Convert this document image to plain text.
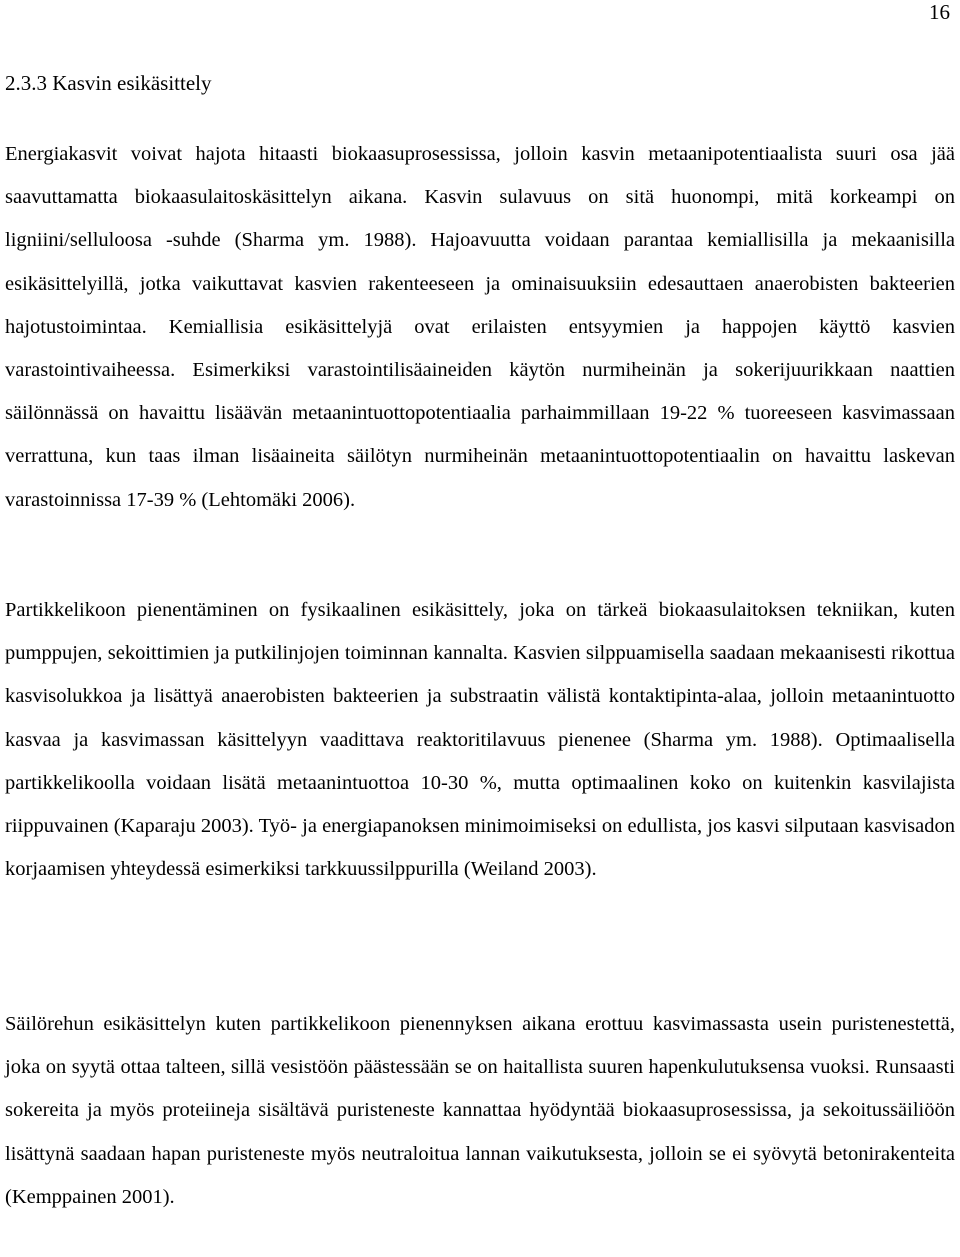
16
2.3.3 Kasvin esikäsittely

Energiakasvit voivat hajota hitaasti biokaasuprosessissa, jolloin kasvin metaanipotentiaalista suuri osa jää saavuttamatta biokaasulaitoskäsittelyn aikana. Kasvin sulavuus on sitä huonompi, mitä korkeampi on ligniini/selluloosa -suhde (Sharma ym. 1988). Hajoavuutta voidaan parantaa kemiallisilla ja mekaanisilla esikäsittelyillä, jotka vaikuttavat kasvien rakenteeseen ja ominaisuuksiin edesauttaen anaerobisten bakteerien hajotustoimintaa. Kemiallisia esikäsittelyjä ovat erilaisten entsyymien ja happojen käyttö kasvien varastointivaiheessa. Esimerkiksi varastointilisäaineiden käytön nurmiheinän ja sokerijuurikkaan naattien säilönnässä on havaittu lisäävän metaanintuottopotentiaalia parhaimmillaan 19-22 % tuoreeseen kasvimassaan verrattuna, kun taas ilman lisäaineita säilötyn nurmiheinän metaanintuottopotentiaalin on havaittu laskevan varastoinnissa 17-39 % (Lehtomäki 2006).

Partikkelikoon pienentäminen on fysikaalinen esikäsittely, joka on tärkeä biokaasulaitoksen tekniikan, kuten pumppujen, sekoittimien ja putkilinjojen toiminnan kannalta. Kasvien silppuamisella saadaan mekaanisesti rikottua kasvisolukkoa ja lisättyä anaerobisten bakteerien ja substraatin välistä kontaktipinta-alaa, jolloin metaanintuotto kasvaa ja kasvimassan käsittelyyn vaadittava reaktoritilavuus pienenee (Sharma ym. 1988). Optimaalisella partikkelikoolla voidaan lisätä metaanintuottoa 10-30 %, mutta optimaalinen koko on kuitenkin kasvilajista riippuvainen (Kaparaju 2003). Työ- ja energiapanoksen minimoimiseksi on edullista, jos kasvi silputaan kasvisadon korjaamisen yhteydessä esimerkiksi tarkkuussilppurilla (Weiland 2003).

Säilörehun esikäsittelyn kuten partikkelikoon pienennyksen aikana erottuu kasvimassasta usein puristenestettä, joka on syytä ottaa talteen, sillä vesistöön päästessään se on haitallista suuren hapenkulutuksensa vuoksi. Runsaasti sokereita ja myös proteiineja sisältävä puristeneste kannattaa hyödyntää biokaasuprosessissa, ja sekoitussäiliöön lisättynä saadaan hapan puristeneste myös neutraloitua lannan vaikutuksesta, jolloin se ei syövytä betonirakenteita (Kemppainen 2001).
